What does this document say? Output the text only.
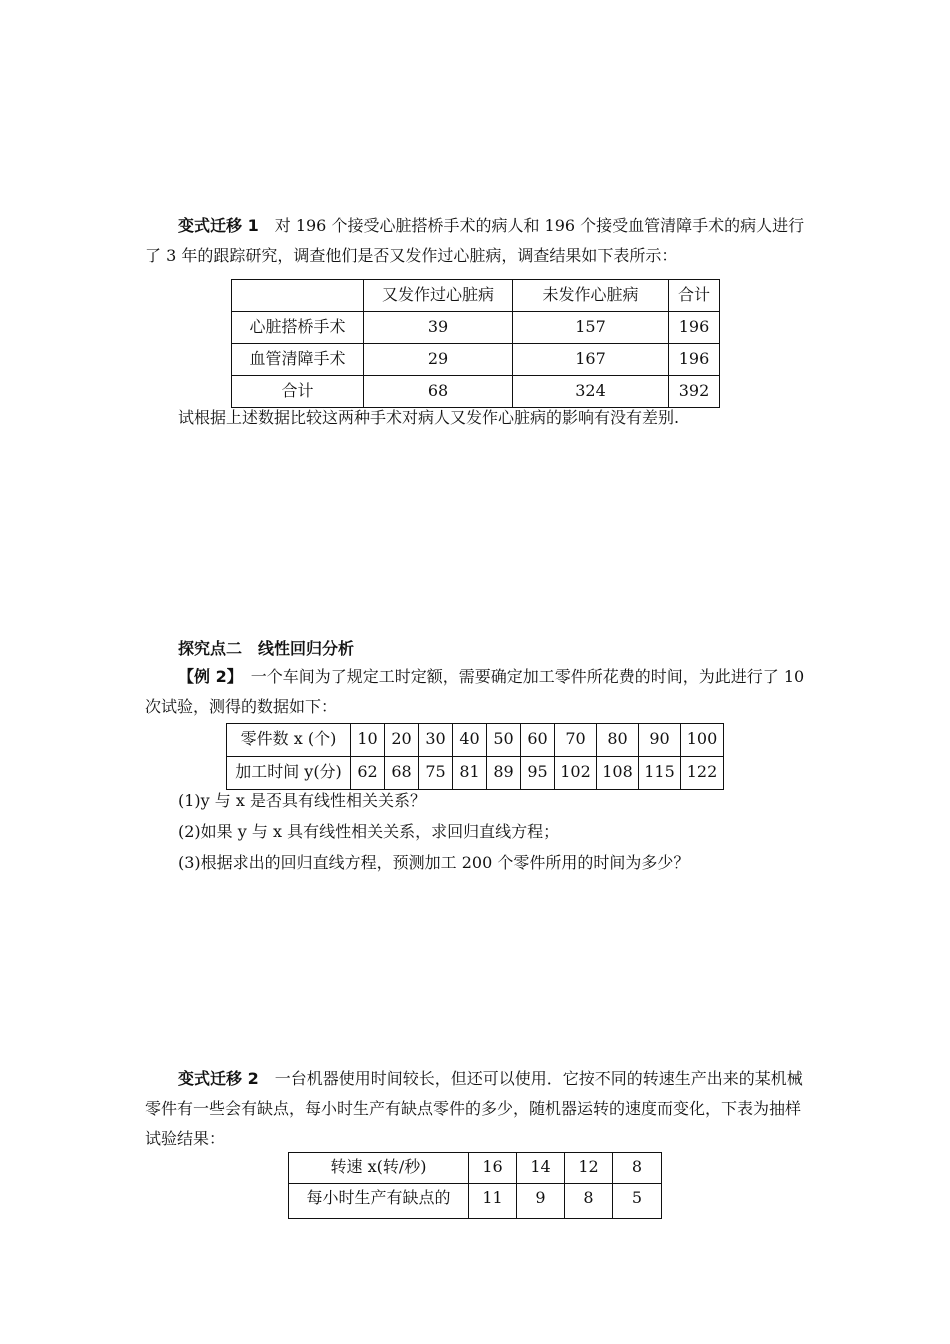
变式迁移 1　 对 196 个接受心脏搭桥手术的病人和 196 个接受血管清障手术的病人进行了 3 年的跟踪研究，调查他们是否又发作过心脏病，调查结果如下表所示：

	又发作过心脏病	未发作心脏病	合计
心脏搭桥手术	39	157	196
血管清障手术	29	167	196
合计	68	324	392
试根据上述数据比较这两种手术对病人又发作心脏病的影响有没有差别.
探究点二　线性回归分析

【例 2】　 一个车间为了规定工时定额，需要确定加工零件所花费的时间，为此进行了 10 次试验，测得的数据如下：

零件数 x (个)	10	20	30	40	50	60	70	80	90	100
加工时间 y(分)	62	68	75	81	89	95	102	108	115	122
(1)y 与 x 是否具有线性相关关系？
(2)如果 y 与 x 具有线性相关关系，求回归直线方程；
(3)根据求出的回归直线方程，预测加工 200 个零件所用的时间为多少？

变式迁移 2　 一台机器使用时间较长，但还可以使用．它按不同的转速生产出来的某机械零件有一些会有缺点，每小时生产有缺点零件的多少，随机器运转的速度而变化，下表为抽样试验结果：

转速 x(转/秒)	16	14	12	8
每小时生产有缺点的	11	9	8	5
